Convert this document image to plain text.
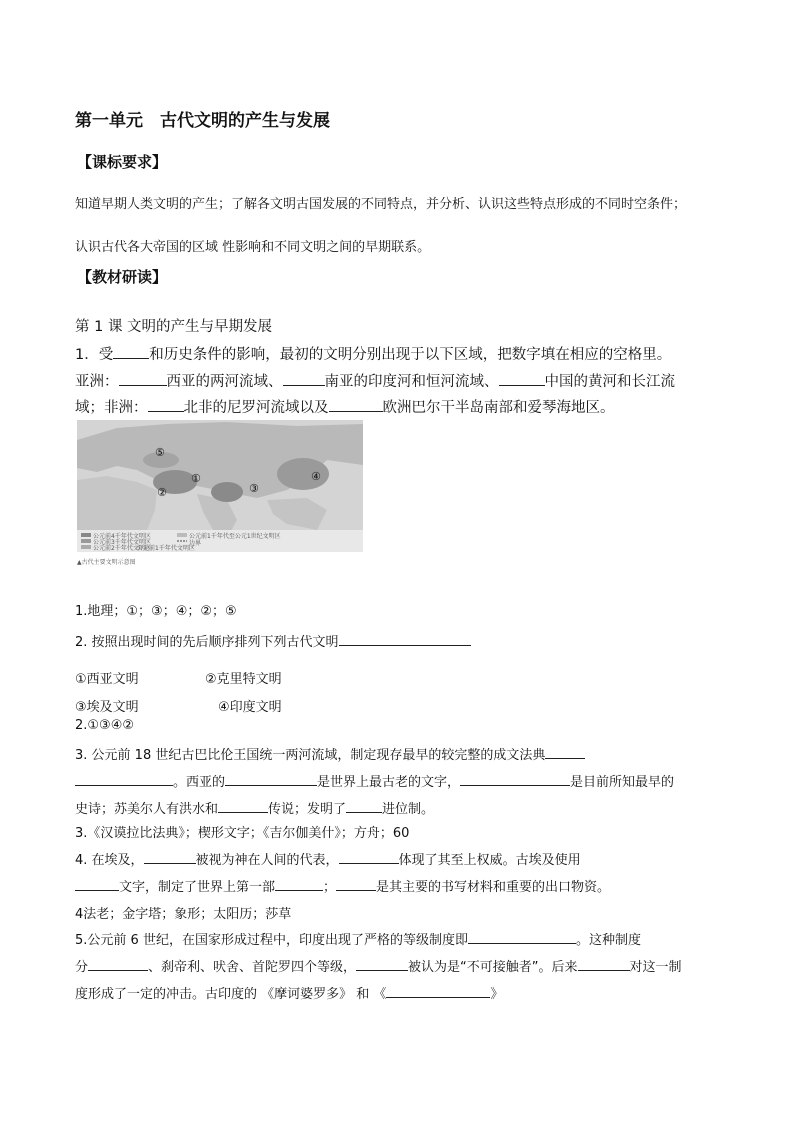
第一单元　古代文明的产生与发展
【课标要求】
知道早期人类文明的产生；了解各文明古国发展的不同特点，并分析、认识这些特点形成的不同时空条件；
认识古代各大帝国的区域 性影响和不同文明之间的早期联系。
【教材研读】
第 1 课 文明的产生与早期发展
1．受 和历史条件的影响，最初的文明分别出现于以下区域，把数字填在相应的空格里。
亚洲：	西亚的两河流域、	南亚的印度河和恒河流域、	中国的黄河和长江流
域；非洲： 北非的尼罗河流域以及	欧洲巴尔干半岛南部和爱琴海地区。
⑤
①
②	③
④
公元前4千年代文明区
公元前3千年代文明区
公元前2千年代文明区
公元前1千年代文明区
公元前1千年代至公元1世纪文明区
边界
▲古代主要文明示意图
1.地理；①；③；④；②；⑤
2. 按照出现时间的先后顺序排列下列古代文明
①西亚文明	②克里特文明
③埃及文明	④印度文明
2.①③④②
3. 公元前 18 世纪古巴比伦王国统一两河流域，制定现存最早的较完整的成文法典
。西亚的	是世界上最古老的文字，	是目前所知最早的
史诗；苏美尔人有洪水和	传说；发明了	进位制。
3.《汉谟拉比法典》；楔形文字；《吉尔伽美什》；方舟；60
4. 在埃及，	被视为神在人间的代表，	体现了其至上权威。古埃及使用
文字，制定了世界上第一部	；	是其主要的书写材料和重要的出口物资。
4法老；金字塔；象形；太阳历；莎草
5.公元前 6 世纪，在国家形成过程中，印度出现了严格的等级制度即	。这种制度
分	、刹帝利、吠舍、首陀罗四个等级，	被认为是“不可接触者”。后来	对这一制
度形成了一定的冲击。古印度的 《摩诃婆罗多》 和 《	》
